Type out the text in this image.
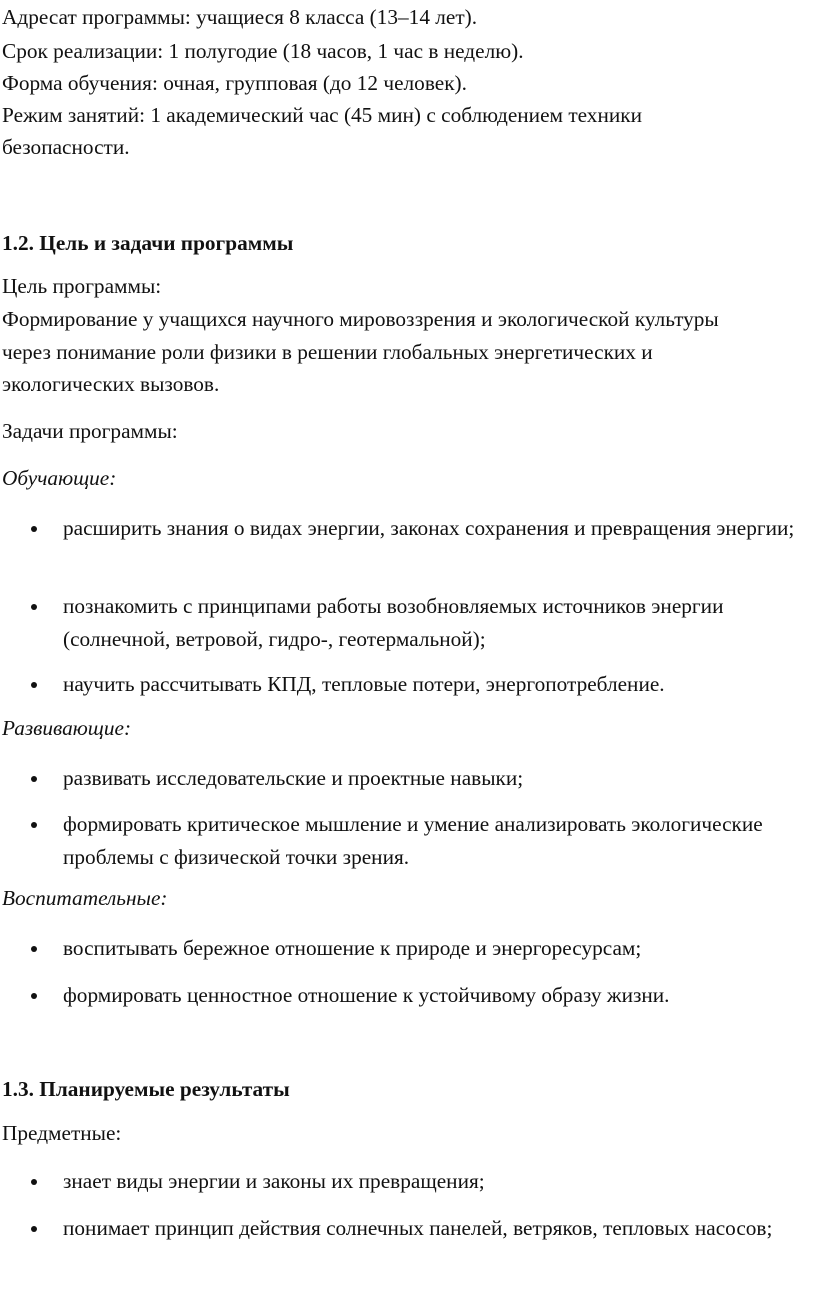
Адресат программы: учащиеся 8 класса (13–14 лет).
Срок реализации: 1 полугодие (18 часов, 1 час в неделю).
Форма обучения: очная, групповая (до 12 человек).
Режим занятий: 1 академический час (45 мин) с соблюдением техники
безопасности.
1.2. Цель и задачи программы
Цель программы:
Формирование у учащихся научного мировоззрения и экологической культуры через понимание роли физики в решении глобальных энергетических и экологических вызовов.
Задачи программы:
Обучающие:
расширить знания о видах энергии, законах сохранения и превращения энергии;
познакомить с принципами работы возобновляемых источников энергии (солнечной, ветровой, гидро-, геотермальной);
научить рассчитывать КПД, тепловые потери, энергопотребление.
Развивающие:
развивать исследовательские и проектные навыки;
формировать критическое мышление и умение анализировать экологические проблемы с физической точки зрения.
Воспитательные:
воспитывать бережное отношение к природе и энергоресурсам;
формировать ценностное отношение к устойчивому образу жизни.
1.3. Планируемые результаты
Предметные:
знает виды энергии и законы их превращения;
понимает принцип действия солнечных панелей, ветряков, тепловых насосов;
